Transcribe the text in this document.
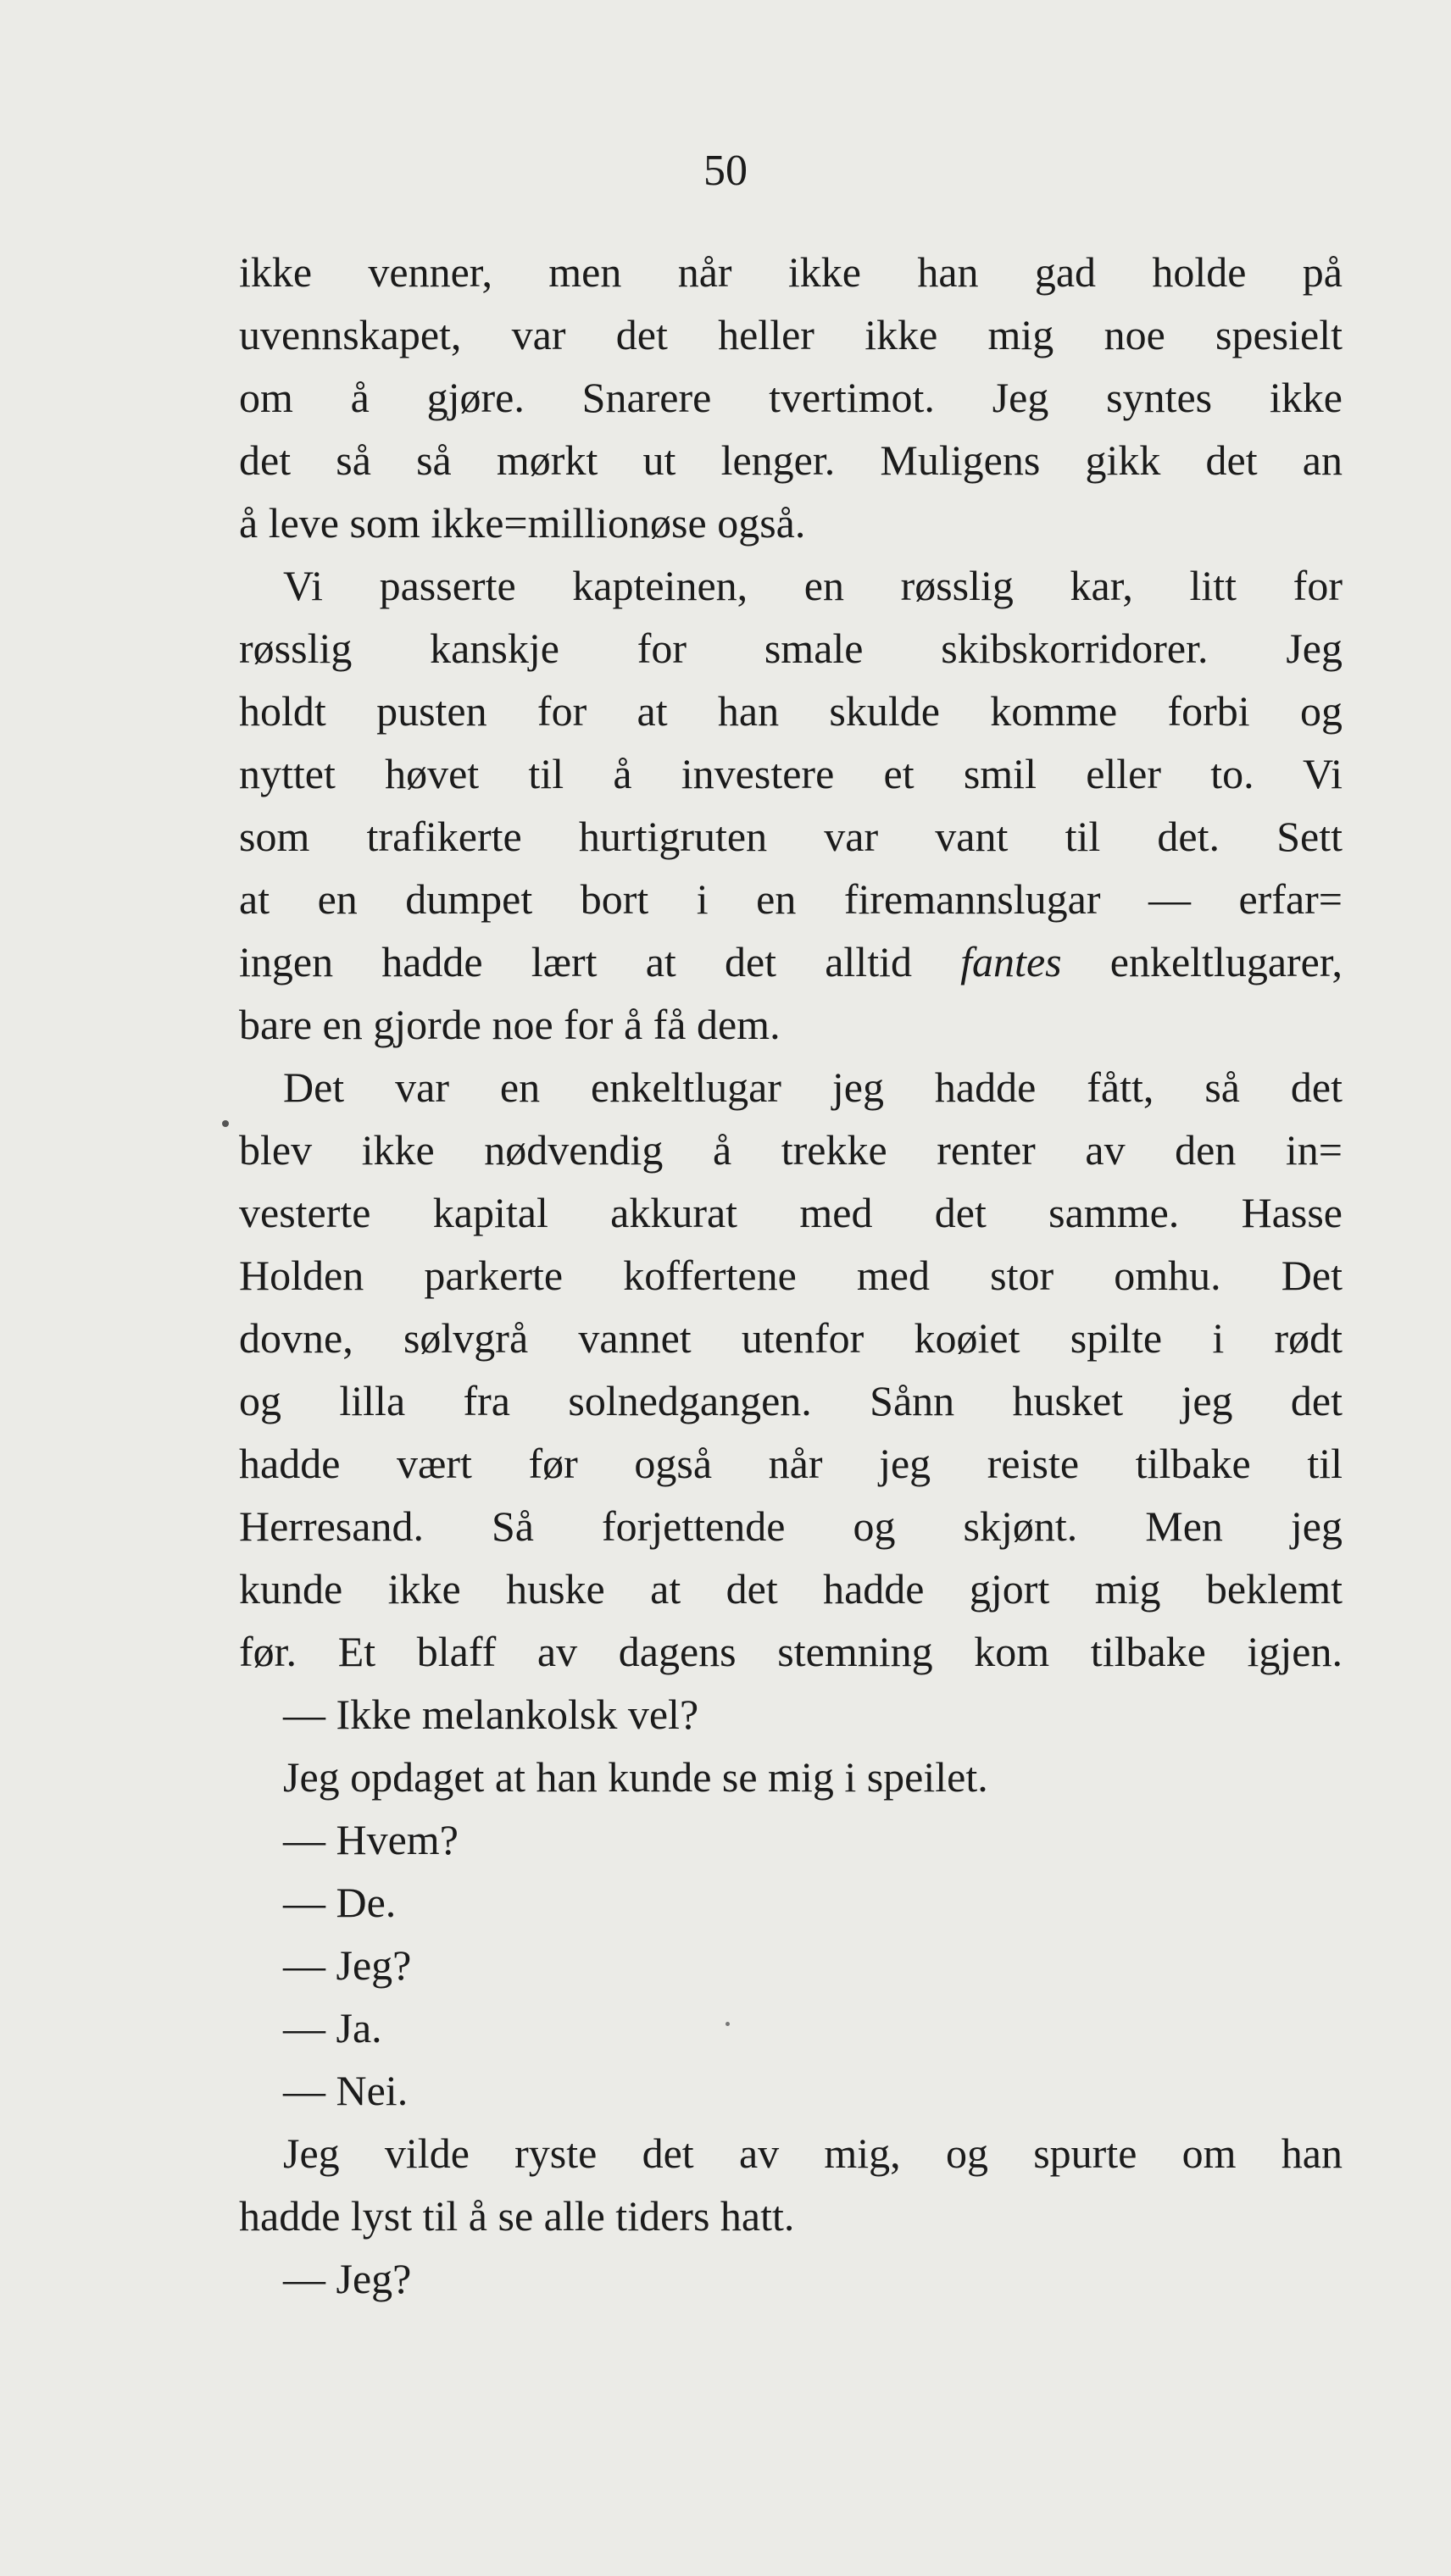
50
ikke venner, men når ikke han gad holde på
uvennskapet, var det heller ikke mig noe spesielt
om å gjøre. Snarere tvertimot. Jeg syntes ikke
det så så mørkt ut lenger. Muligens gikk det an
å leve som ikke=millionøse også.
Vi passerte kapteinen, en røsslig kar, litt for
røsslig kanskje for smale skibskorridorer. Jeg
holdt pusten for at han skulde komme forbi og
nyttet høvet til å investere et smil eller to. Vi
som trafikerte hurtigruten var vant til det. Sett
at en dumpet bort i en firemannslugar — erfar=
ingen hadde lært at det alltid fantes enkeltlugarer,
bare en gjorde noe for å få dem.
Det var en enkeltlugar jeg hadde fått, så det
blev ikke nødvendig å trekke renter av den in=
vesterte kapital akkurat med det samme. Hasse
Holden parkerte koffertene med stor omhu. Det
dovne, sølvgrå vannet utenfor koøiet spilte i rødt
og lilla fra solnedgangen. Sånn husket jeg det
hadde vært før også når jeg reiste tilbake til
Herresand. Så forjettende og skjønt. Men jeg
kunde ikke huske at det hadde gjort mig beklemt
før. Et blaff av dagens stemning kom tilbake igjen.
— Ikke melankolsk vel?
Jeg opdaget at han kunde se mig i speilet.
— Hvem?
— De.
— Jeg?
— Ja.
— Nei.
Jeg vilde ryste det av mig, og spurte om han
hadde lyst til å se alle tiders hatt.
— Jeg?
